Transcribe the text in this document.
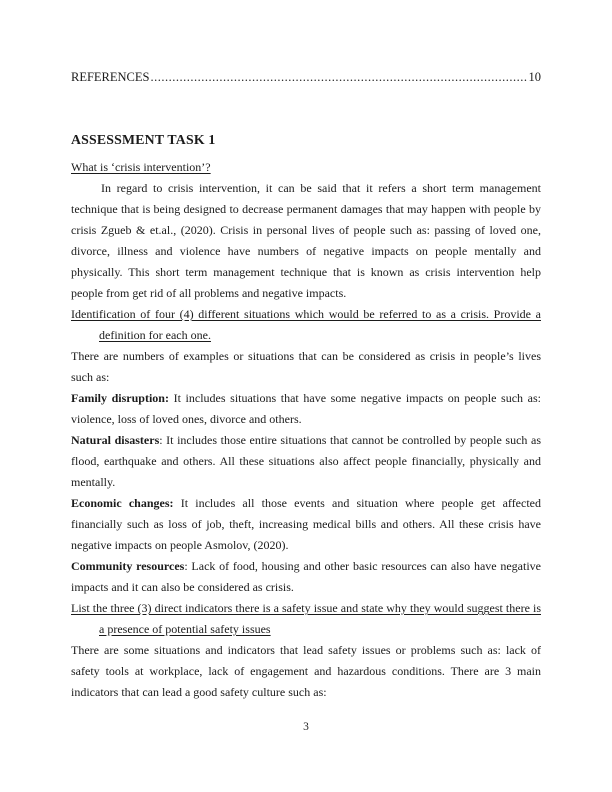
REFERENCES .....	10
ASSESSMENT TASK 1
What is ‘crisis intervention’?

In regard to crisis intervention, it can be said that it refers a short term management technique that is being designed to decrease permanent damages that may happen with people by crisis Zgueb & et.al., (2020). Crisis in personal lives of people such as: passing of loved one, divorce, illness and violence have numbers of negative impacts on people mentally and physically. This short term management technique that is known as crisis intervention help people from get rid of all problems and negative impacts.

Identification of four (4) different situations which would be referred to as a crisis. Provide a definition for each one.

There are numbers of examples or situations that can be considered as crisis in people’s lives such as:

Family disruption: It includes situations that have some negative impacts on people such as: violence, loss of loved ones, divorce and others.

Natural disasters: It includes those entire situations that cannot be controlled by people such as flood, earthquake and others. All these situations also affect people financially, physically and mentally.

Economic changes: It includes all those events and situation where people get affected financially such as loss of job, theft, increasing medical bills and others. All these crisis have negative impacts on people Asmolov, (2020).

Community resources: Lack of food, housing and other basic resources can also have negative impacts and it can also be considered as crisis.

List the three (3) direct indicators there is a safety issue and state why they would suggest there is a presence of potential safety issues

There are some situations and indicators that lead safety issues or problems such as: lack of safety tools at workplace, lack of engagement and hazardous conditions. There are 3 main indicators that can lead a good safety culture such as:

3
